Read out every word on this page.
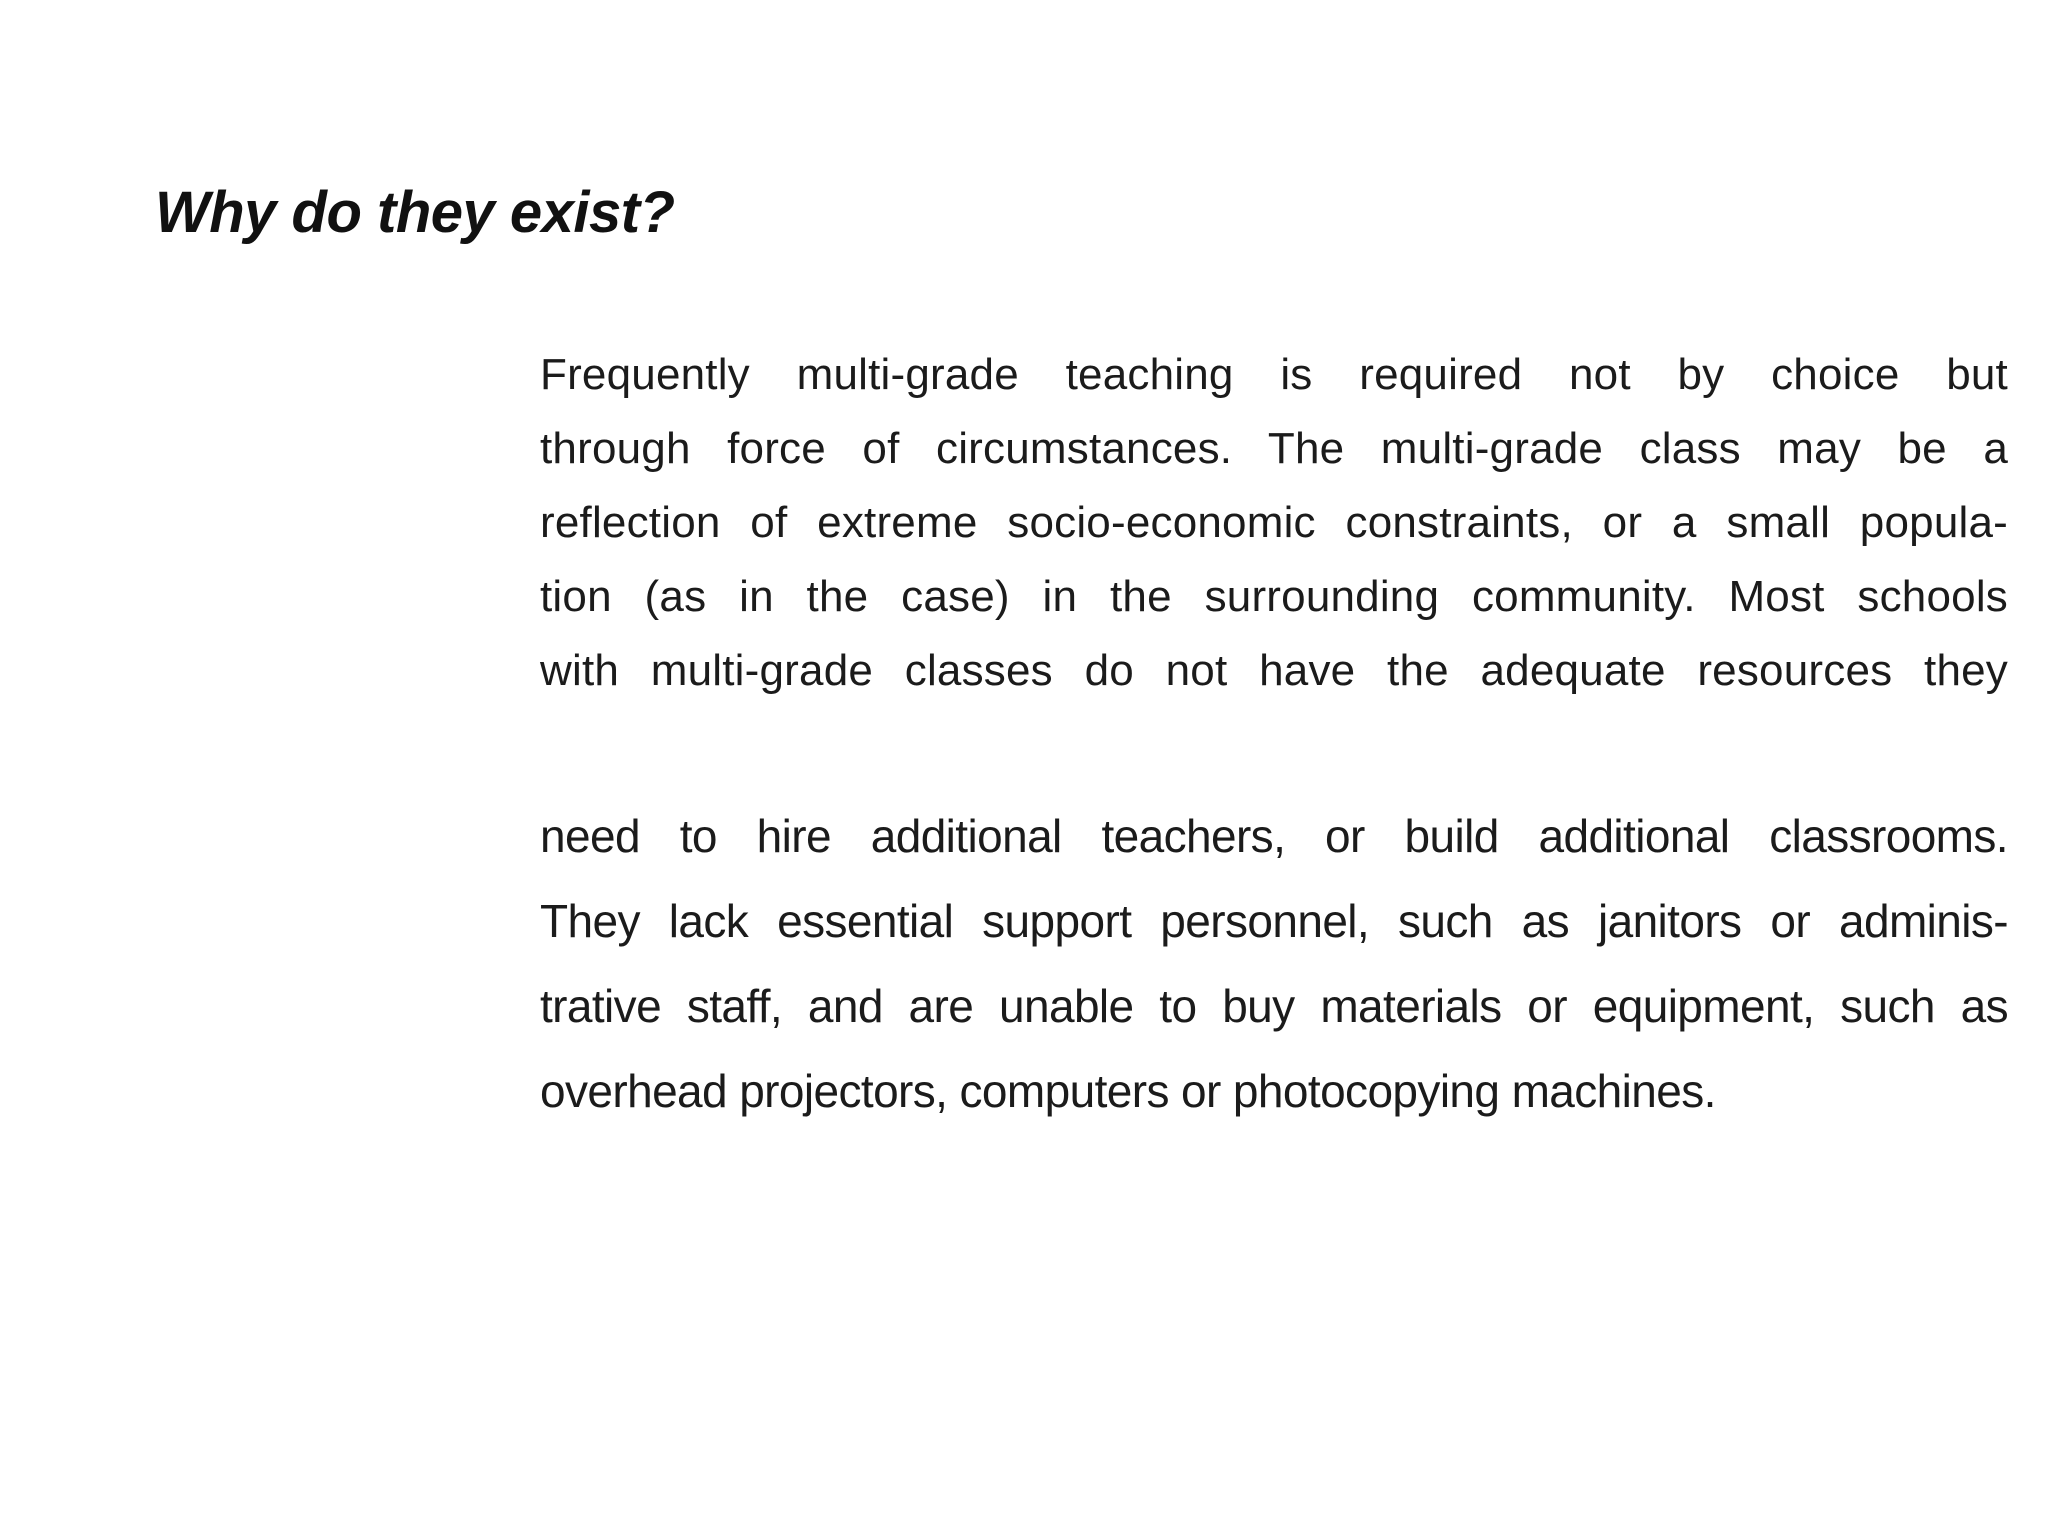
Why do they exist?
Frequently multi-grade teaching is required not by choice but
through force of circumstances. The multi-grade class may be a
reflection of extreme socio-economic constraints, or a small popula-
tion (as in the case) in the surrounding community. Most schools
with multi-grade classes do not have the adequate resources they
need to hire additional teachers, or build additional classrooms.
They lack essential support personnel, such as janitors or adminis-
trative staff, and are unable to buy materials or equipment, such as
overhead projectors, computers or photocopying machines.
